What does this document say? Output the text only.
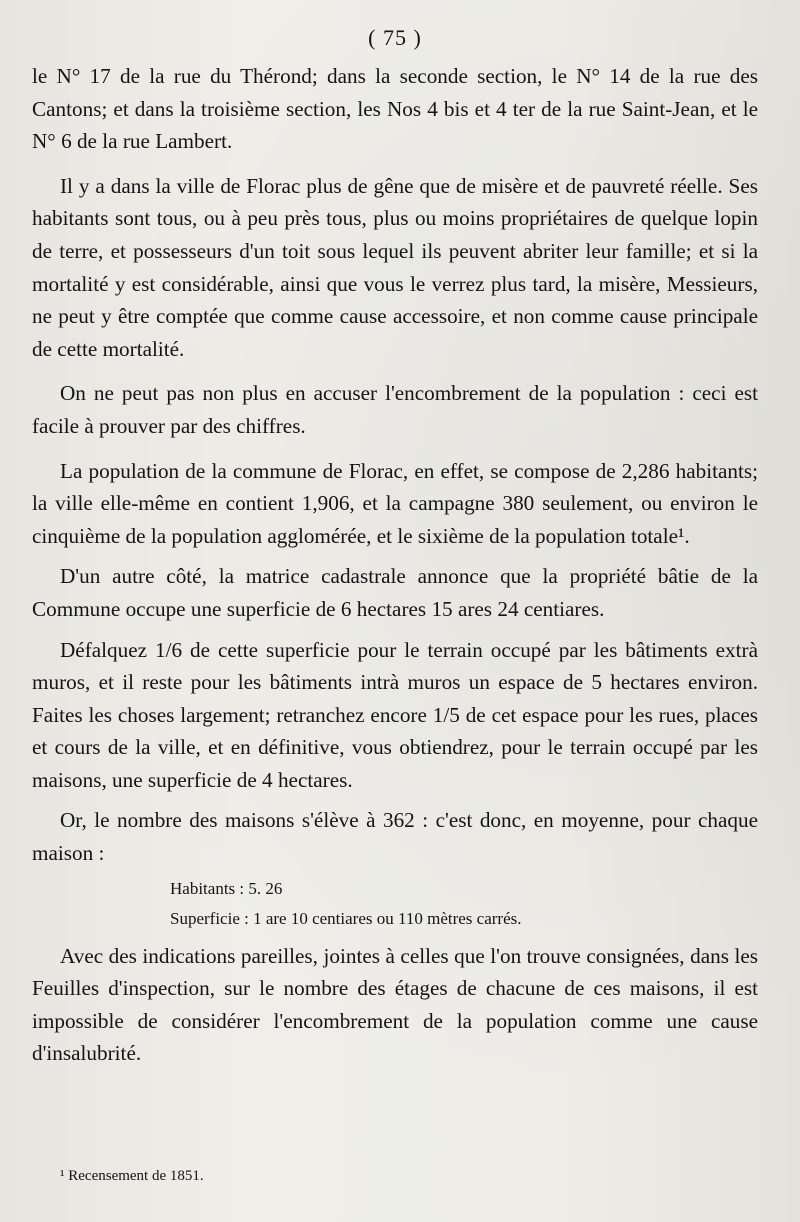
( 75 )

le N° 17 de la rue du Thérond; dans la seconde section, le N° 14 de la rue des Cantons; et dans la troisième section, les Nos 4 bis et 4 ter de la rue Saint-Jean, et le N° 6 de la rue Lambert.

Il y a dans la ville de Florac plus de gêne que de misère et de pauvreté réelle. Ses habitants sont tous, ou à peu près tous, plus ou moins propriétaires de quelque lopin de terre, et possesseurs d'un toit sous lequel ils peuvent abriter leur famille; et si la mortalité y est considérable, ainsi que vous le verrez plus tard, la misère, Messieurs, ne peut y être comptée que comme cause accessoire, et non comme cause principale de cette mortalité.

On ne peut pas non plus en accuser l'encombrement de la population : ceci est facile à prouver par des chiffres.

La population de la commune de Florac, en effet, se compose de 2,286 habitants; la ville elle-même en contient 1,906, et la campagne 380 seulement, ou environ le cinquième de la population agglomérée, et le sixième de la population totale¹.

D'un autre côté, la matrice cadastrale annonce que la propriété bâtie de la Commune occupe une superficie de 6 hectares 15 ares 24 centiares.

Défalquez 1/6 de cette superficie pour le terrain occupé par les bâtiments extrà muros, et il reste pour les bâtiments intrà muros un espace de 5 hectares environ. Faites les choses largement; retranchez encore 1/5 de cet espace pour les rues, places et cours de la ville, et en définitive, vous obtiendrez, pour le terrain occupé par les maisons, une superficie de 4 hectares.

Or, le nombre des maisons s'élève à 362 : c'est donc, en moyenne, pour chaque maison :

Habitants : 5. 26
Superficie : 1 are 10 centiares ou 110 mètres carrés.

Avec des indications pareilles, jointes à celles que l'on trouve consignées, dans les Feuilles d'inspection, sur le nombre des étages de chacune de ces maisons, il est impossible de considérer l'encombrement de la population comme une cause d'insalubrité.

¹ Recensement de 1851.
